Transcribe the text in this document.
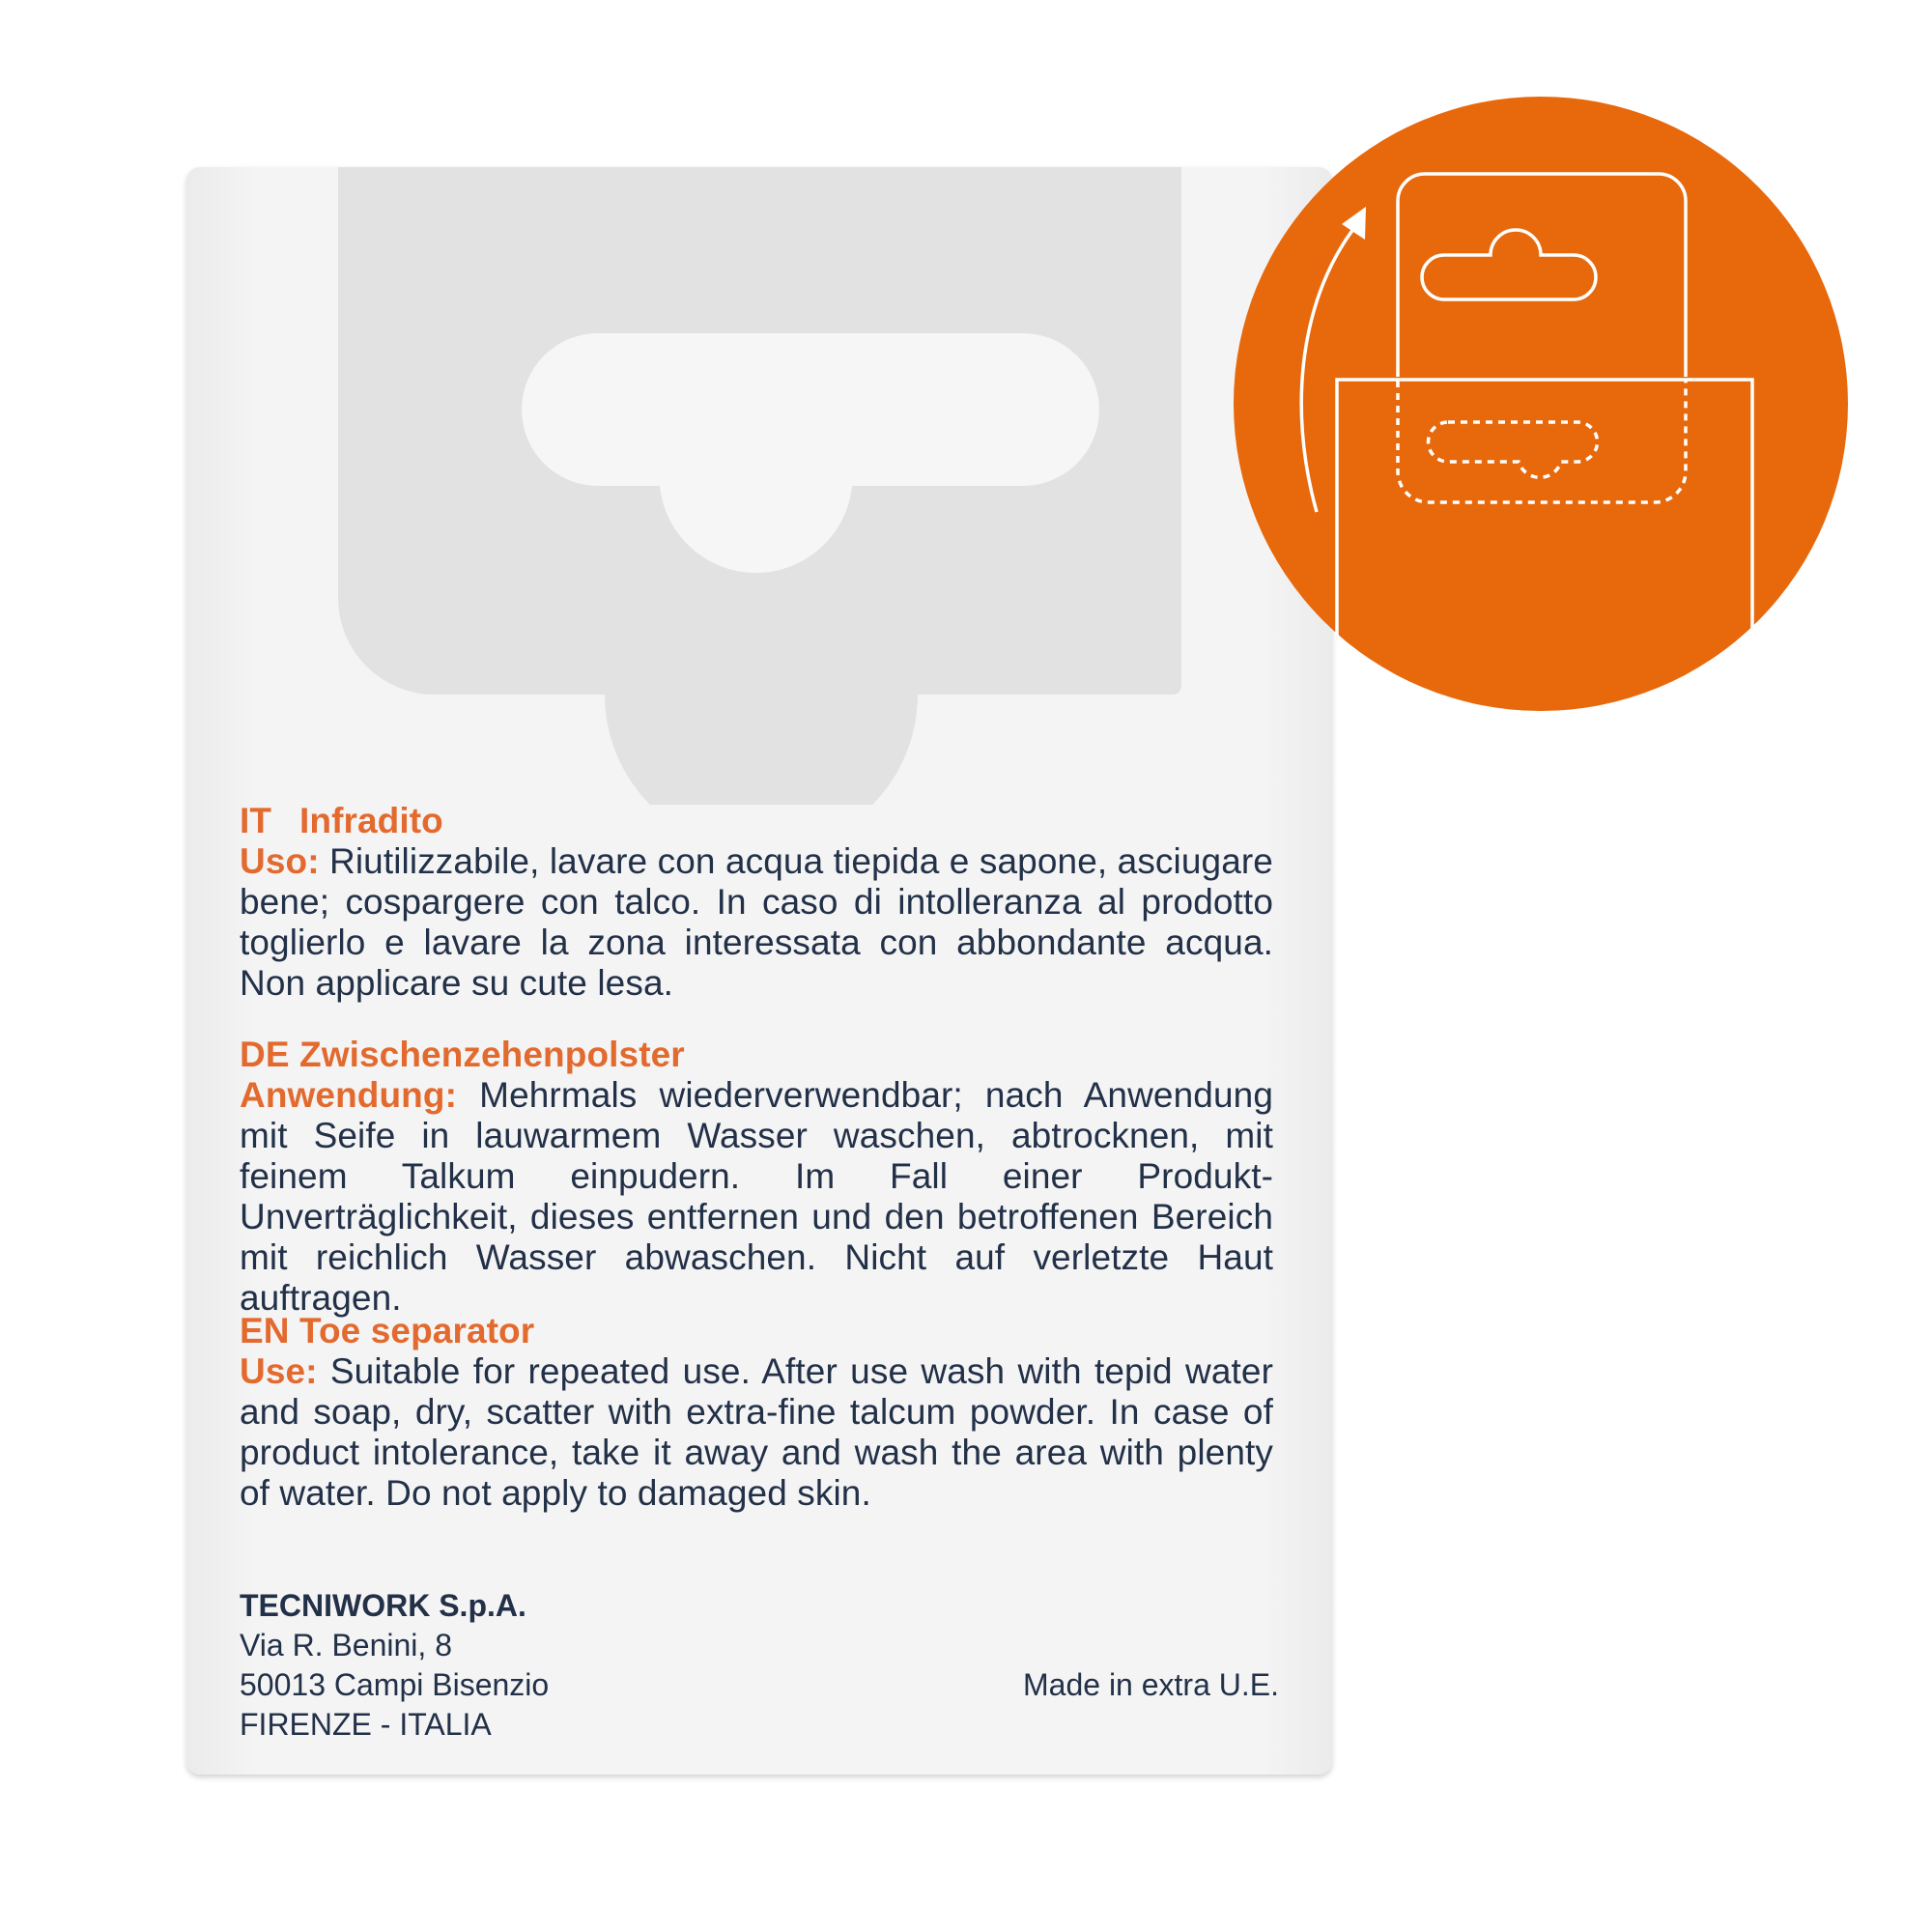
IT Infradito
Uso: Riutilizzabile, lavare con acqua tiepida e sapone, asciugare bene; cospargere con talco. In caso di intolleranza al prodotto toglierlo e lavare la zona interessata con abbondante acqua. Non applicare su cute lesa.
DE Zwischenzehenpolster
Anwendung: Mehrmals wiederverwendbar; nach Anwendung mit Seife in lauwarmem Wasser waschen, abtrocknen, mit feinem Talkum einpudern. Im Fall einer Produkt-Unverträglichkeit, dieses entfernen und den betroffenen Bereich mit reichlich Wasser abwaschen. Nicht auf verletzte Haut auftragen.
EN Toe separator
Use: Suitable for repeated use. After use wash with tepid water and soap, dry, scatter with extra-fine talcum powder. In case of product intolerance, take it away and wash the area with plenty of water. Do not apply to damaged skin.
TECNIWORK S.p.A.
Via R. Benini, 8
50013 Campi Bisenzio
FIRENZE - ITALIA
Made in extra U.E.
